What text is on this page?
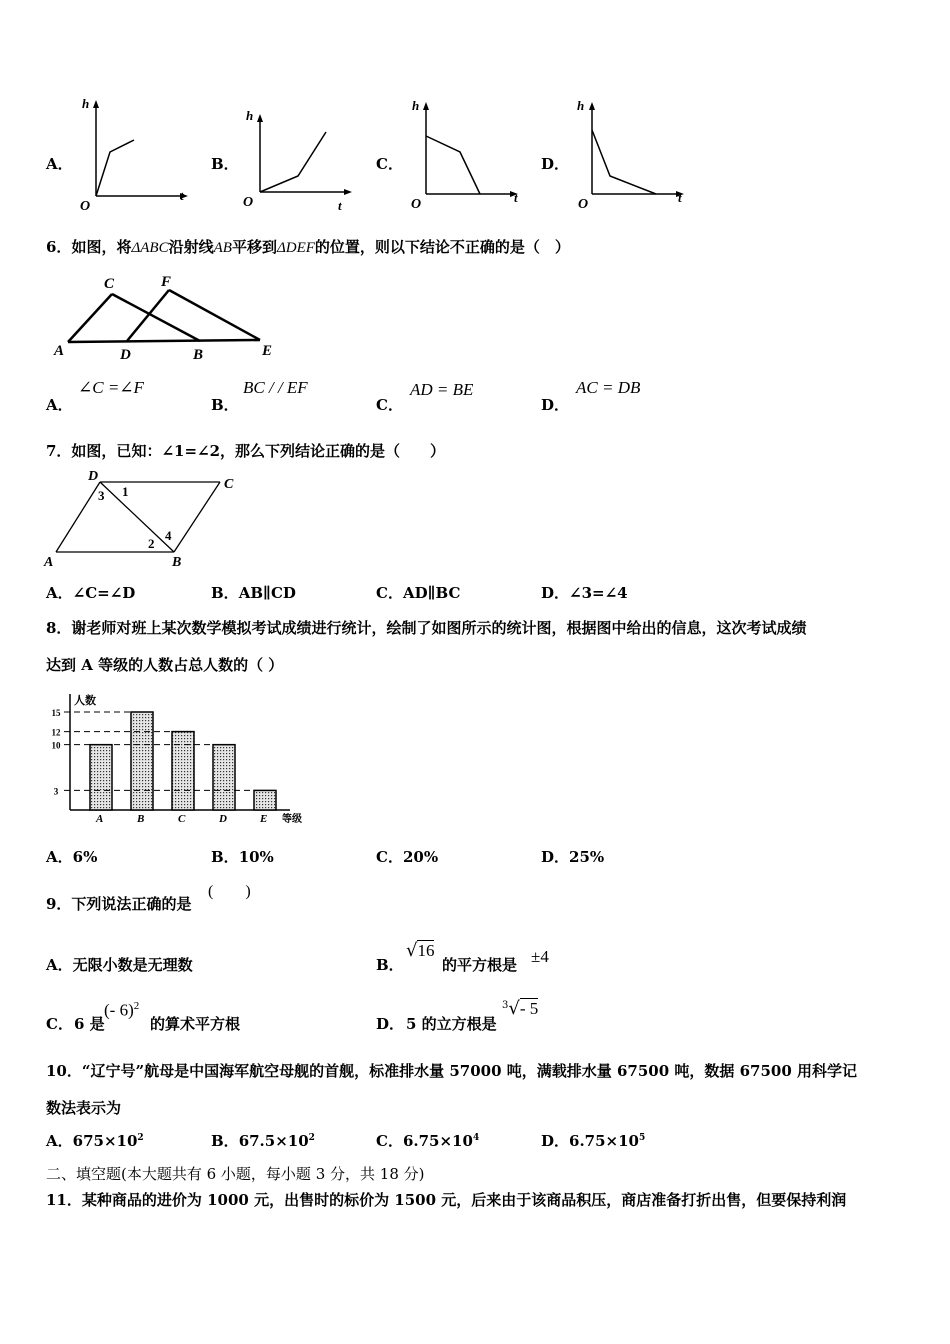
A．
h
t
O
B．
h
t
O
C．
h
t
O
D．
h
t
O
6．如图，将ΔABC沿射线AB平移到ΔDEF的位置，则以下结论不正确的是（　）
A
C
D	B
F
E
A．
∠C =∠F
B．
BC / / EF
C．
AD = BE
D．
AC = DB
7．如图，已知：∠1=∠2，那么下列结论正确的是（　　）
A
D
C
B
1
3
2
4
A．∠C=∠D	B．AB∥CD	C．AD∥BC	D．∠3=∠4
8．谢老师对班上某次数学模拟考试成绩进行统计，绘制了如图所示的统计图，根据图中给出的信息，这次考试成绩
达到 A 等级的人数占总人数的（ ）
人数
A	B	C	D	E
3
10
12
15
等级
A．6%	B．10%	C．20%	D．25%
9．下列说法正确的是
(　　)
A．无限小数是无理数	B．
√16
的平方根是 ±4
C． 6 是
(- 6)$^2$
的算术平方根	D． 5 的立方根是
$^3$√- 5
10．“辽宁号”航母是中国海军航空母舰的首舰，标准排水量 57000 吨，满载排水量 67500 吨，数据 67500 用科学记
数法表示为
A．$675\times 10^2$	B．$67.5\times 10^2$	C．$6.75\times 10^4$	D．$6.75\times 10^5$
二、填空题(本大题共有 6 小题，每小题 3 分，共 18 分)
11．某种商品的进价为 1000 元，出售时的标价为 1500 元，后来由于该商品积压，商店准备打折出售，但要保持利润
